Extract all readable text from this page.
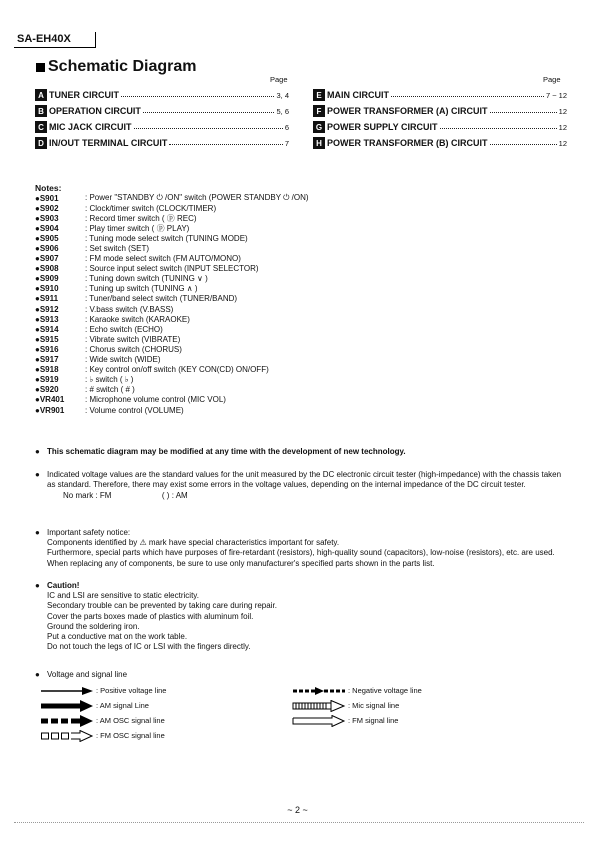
SA-EH40X
Schematic Diagram
Page	Page
A TUNER CIRCUIT	3, 4
B OPERATION CIRCUIT	5, 6
C MIC JACK CIRCUIT	6
D IN/OUT TERMINAL CIRCUIT	7
E MAIN CIRCUIT	7 ~ 12
F POWER TRANSFORMER (A) CIRCUIT	12
G POWER SUPPLY CIRCUIT	12
H POWER TRANSFORMER (B) CIRCUIT	12
Notes:
● S901	: Power "STANDBY ⏻ /ON" switch (POWER STANDBY ⏻ /ON)
● S902	: Clock/timer switch (CLOCK/TIMER)
● S903	: Record timer switch ( ⓟ REC)
● S904	: Play timer switch ( ⓟ PLAY)
● S905	: Tuning mode select switch (TUNING MODE)
● S906	: Set switch (SET)
● S907	: FM mode select switch (FM AUTO/MONO)
● S908	: Source input select switch (INPUT SELECTOR)
● S909	: Tuning down switch (TUNING ∨ )
● S910	: Tuning up switch (TUNING ∧ )
● S911	: Tuner/band select switch (TUNER/BAND)
● S912	: V.bass switch (V.BASS)
● S913	: Karaoke switch (KARAOKE)
● S914	: Echo switch (ECHO)
● S915	: Vibrate switch (VIBRATE)
● S916	: Chorus switch (CHORUS)
● S917	: Wide switch (WIDE)
● S918	: Key control on/off switch (KEY CON(CD) ON/OFF)
● S919	: ♭ switch ( ♭ )
● S920	: # switch ( # )
● VR401	: Microphone volume control (MIC VOL)
● VR901	: Volume control (VOLUME)
● This schematic diagram may be modified at any time with the development of new technology.
● Indicated voltage values are the standard values for the unit measured by the DC electronic circuit tester (high-impedance) with the chassis taken as standard. Therefore, there may exist some errors in the voltage values, depending on the internal impedance of the DC circuit tester.
No mark : FM	( ) : AM
● Important safety notice:
Components identified by ⚠ mark have special characteristics important for safety.
Furthermore, special parts which have purposes of fire-retardant (resistors), high-quality sound (capacitors), low-noise (resistors), etc. are used. When replacing any of components, be sure to use only manufacturer's specified parts shown in the parts list.
● Caution!
IC and LSI are sensitive to static electricity.
Secondary trouble can be prevented by taking care during repair.
Cover the parts boxes made of plastics with aluminum foil.
Ground the soldering iron.
Put a conductive mat on the work table.
Do not touch the legs of IC or LSI with the fingers directly.
● Voltage and signal line
: Positive voltage line
: AM signal Line
: AM OSC signal line
: FM OSC signal line
: Negative voltage line
: Mic signal line
: FM signal line
~ 2 ~
